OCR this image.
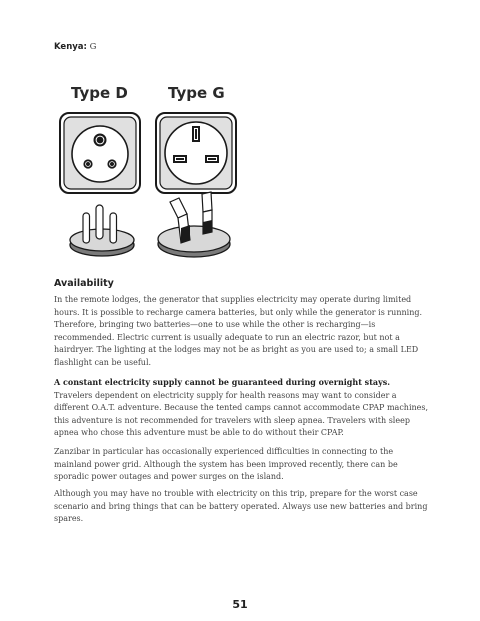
Kenya: G
Type D	Type G
Availability

In the remote lodges, the generator that supplies electricity may operate during limited hours. It is possible to recharge camera batteries, but only while the generator is running. Therefore, bringing two batteries—one to use while the other is recharging—is recommended. Electric current is usually adequate to run an electric razor, but not a hairdryer. The lighting at the lodges may not be as bright as you are used to; a small LED flashlight can be useful.

A constant electricity supply cannot be guaranteed during overnight stays. Travelers dependent on electricity supply for health reasons may want to consider a different O.A.T. adventure. Because the tented camps cannot accommodate CPAP machines, this adventure is not recommended for travelers with sleep apnea. Travelers with sleep apnea who chose this adventure must be able to do without their CPAP.

Zanzibar in particular has occasionally experienced difficulties in connecting to the mainland power grid. Although the system has been improved recently, there can be sporadic power outages and power surges on the island.

Although you may have no trouble with electricity on this trip, prepare for the worst case scenario and bring things that can be battery operated. Always use new batteries and bring spares.

51
